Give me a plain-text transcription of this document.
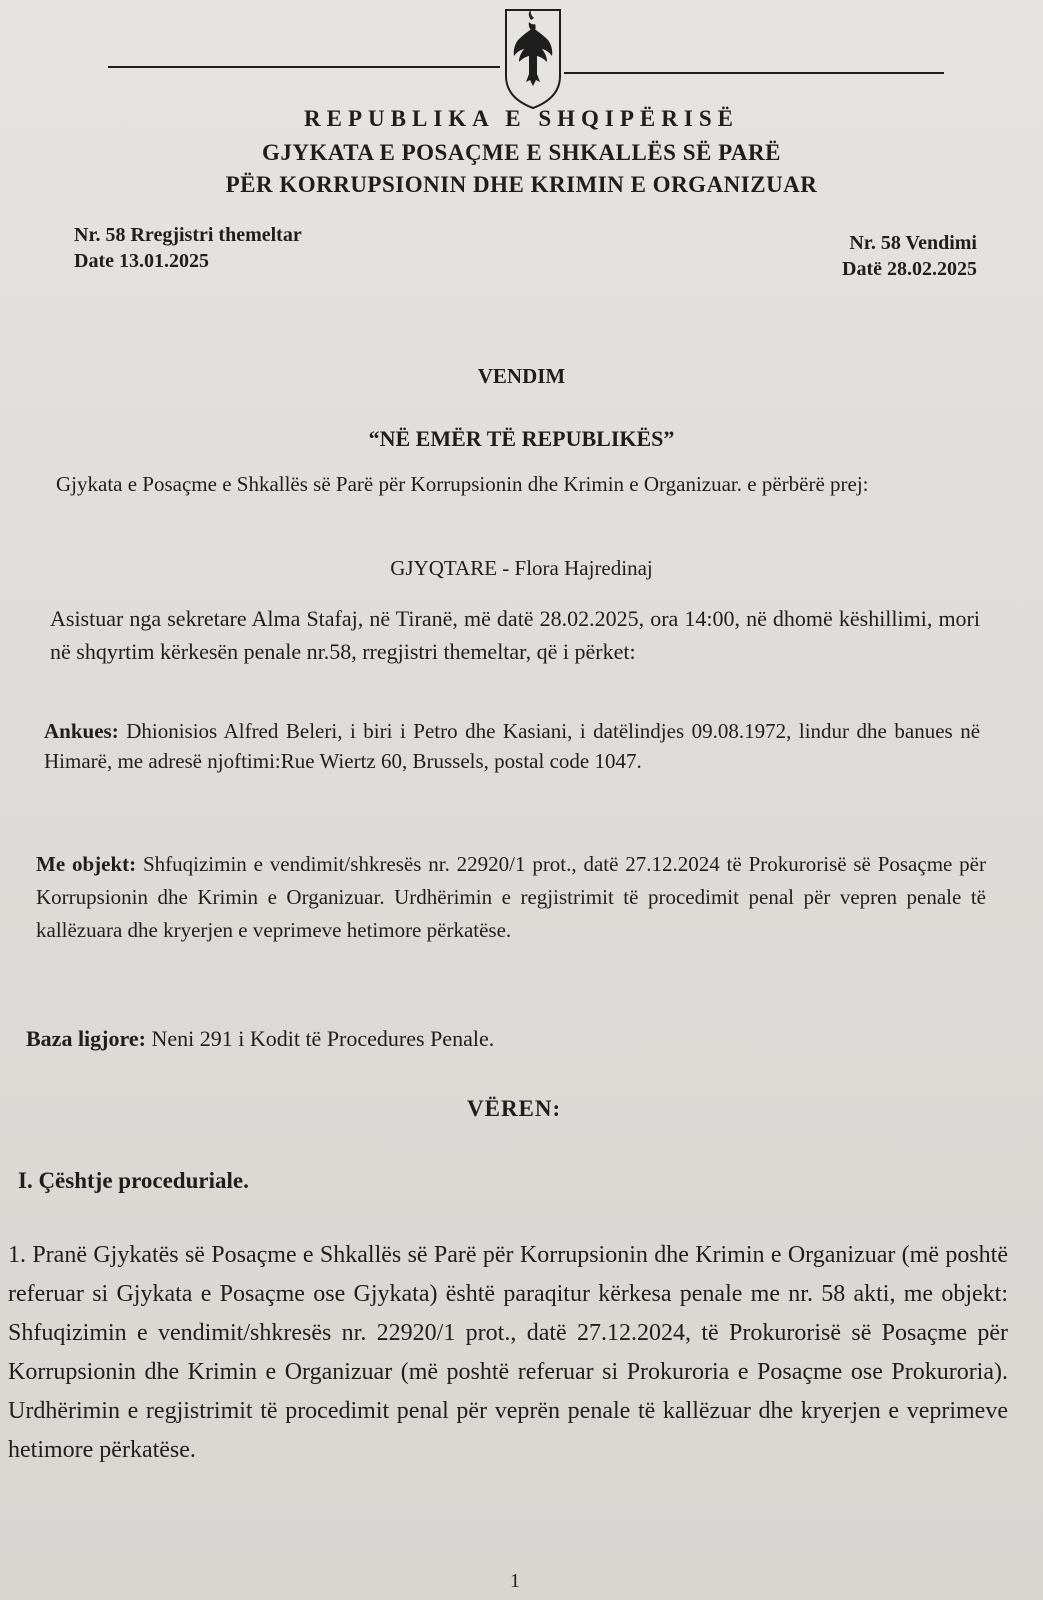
REPUBLIKA E SHQIPËRISË
GJYKATA E POSAÇME E SHKALLËS SË PARË
PËR KORRUPSIONIN DHE KRIMIN E ORGANIZUAR
Nr. 58 Rregjistri themeltar
Date 13.01.2025
Nr. 58 Vendimi
Datë 28.02.2025
VENDIM
“NË EMËR TË REPUBLIKËS”
Gjykata e Posaçme e Shkallës së Parë për Korrupsionin dhe Krimin e Organizuar. e përbërë prej:
GJYQTARE - Flora Hajredinaj
Asistuar nga sekretare Alma Stafaj, në Tiranë, më datë 28.02.2025, ora 14:00, në dhomë këshillimi, mori në shqyrtim kërkesën penale nr.58, rregjistri themeltar, që i përket:
Ankues: Dhionisios Alfred Beleri, i biri i Petro dhe Kasiani, i datëlindjes 09.08.1972, lindur dhe banues në Himarë, me adresë njoftimi:Rue Wiertz 60, Brussels, postal code 1047.
Me objekt: Shfuqizimin e vendimit/shkresës nr. 22920/1 prot., datë 27.12.2024 të Prokurorisë së Posaçme për Korrupsionin dhe Krimin e Organizuar. Urdhërimin e regjistrimit të procedimit penal për vepren penale të kallëzuara dhe kryerjen e veprimeve hetimore përkatëse.
Baza ligjore: Neni 291 i Kodit të Procedures Penale.
VËREN:
I. Çështje proceduriale.
1. Pranë Gjykatës së Posaçme e Shkallës së Parë për Korrupsionin dhe Krimin e Organizuar (më poshtë referuar si Gjykata e Posaçme ose Gjykata) është paraqitur kërkesa penale me nr. 58 akti, me objekt: Shfuqizimin e vendimit/shkresës nr. 22920/1 prot., datë 27.12.2024, të Prokurorisë së Posaçme për Korrupsionin dhe Krimin e Organizuar (më poshtë referuar si Prokuroria e Posaçme ose Prokuroria). Urdhërimin e regjistrimit të procedimit penal për veprën penale të kallëzuar dhe kryerjen e veprimeve hetimore përkatëse.
1
